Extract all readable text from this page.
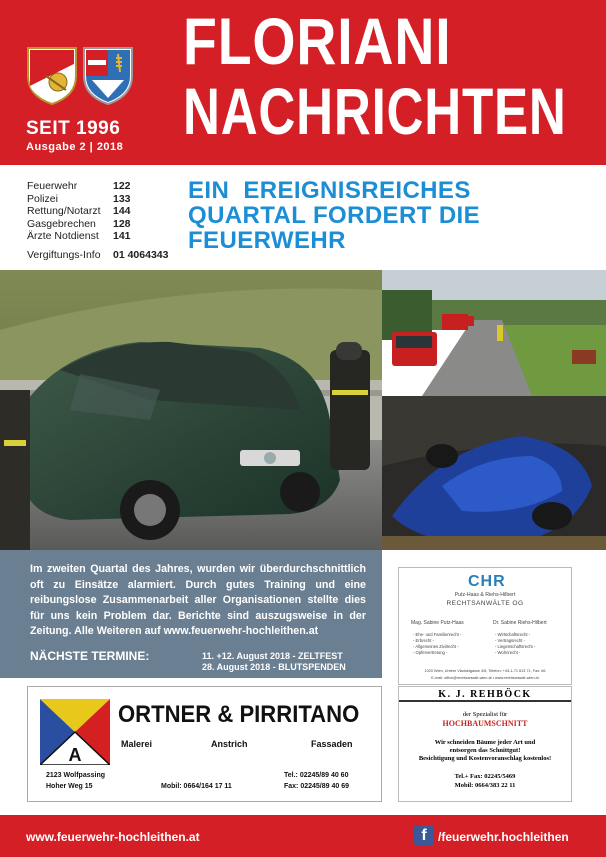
SEIT 1996
Ausgabe 2 | 2018
FLORIANI
NACHRICHTEN
Feuerwehr	122
Polizei	133
Rettung/Notarzt	144
Gasgebrechen	128
Ärzte Notdienst	141
Vergiftungs-Info	01 4064343
EIN  EREIGNISREICHES
QUARTAL FORDERT DIE
FEUERWEHR
Im zweiten Quartal des Jahres, wurden wir überdurchschnittlich oft zu Einsätze alarmiert. Durch gutes Training und eine reibungslose Zusammenarbeit aller Organisationen stellte dies für uns kein Problem dar. Berichte sind auszugsweise in der Zeitung. Alle Weiteren auf www.feuerwehr-hochleithen.at
NÄCHSTE TERMINE:	11. +12. August 2018 - ZELTFEST
28. August 2018 - BLUTSPENDEN
CHR
Putz-Haas & Riehs-Hilbert
RECHTSANWÄLTE OG
Mag. Sabine Putz-Haas	Dr. Sabine Riehs-Hilbert
- Ehe- und Familienrecht -
- Erbrecht -
- Allgemeines Zivilrecht -
- Opfervertretung -
- Wirtschaftsrecht -
- Vertragsrecht -
- Liegenschaftsrecht -
- Wohnrecht -
1020 Wien, Untere Viaduktgasse 4/8, Telefon: +43-1-71 813 71, Fax: 66
E-mail: office@rechtsanwalt-wien.at • www.rechtsanwalt-wien.at
A
ORTNER & PIRRITANO
Malerei	Anstrich	Fassaden
2123 Wolfpassing
Hoher Weg 15	Mobil: 0664/164 17 11
Tel.: 02245/89 40 60
Fax: 02245/89 40 69
K. J. REHBÖCK
der Spezialist für
HOCHBAUMSCHNITT
Wir schneiden Bäume jeder Art und
entsorgen das Schnittgut!
Besichtigung und Kostenvoranschlag kostenlos!
Tel.+ Fax: 02245/5469
Mobil: 0664/383 22 11
www.feuerwehr-hochleithen.at	f /feuerwehr.hochleithen
